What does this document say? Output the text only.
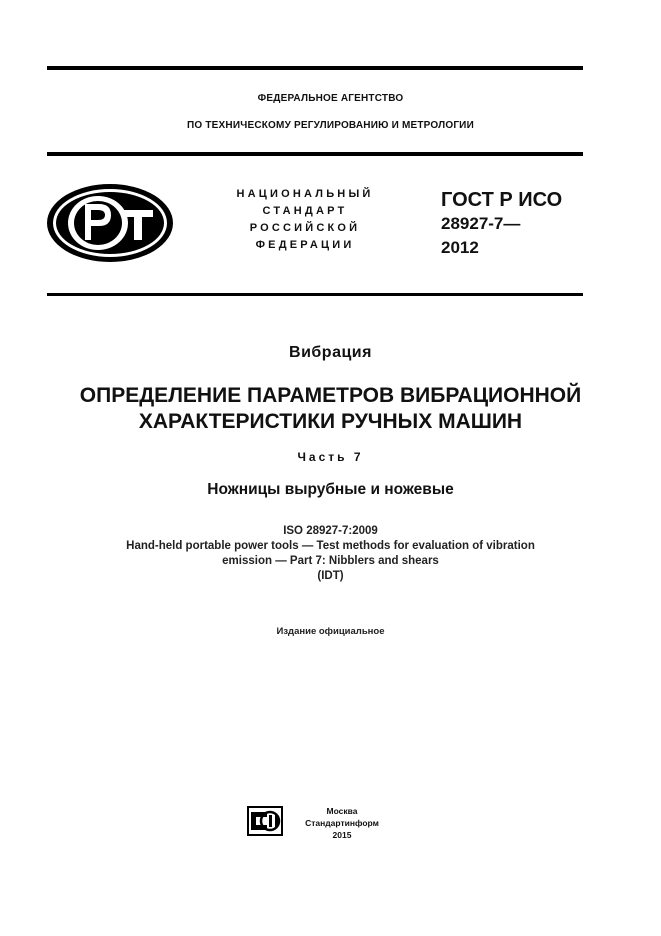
ФЕДЕРАЛЬНОЕ АГЕНТСТВО
ПО ТЕХНИЧЕСКОМУ РЕГУЛИРОВАНИЮ И МЕТРОЛОГИИ
НАЦИОНАЛЬНЫЙ
СТАНДАРТ
РОССИЙСКОЙ
ФЕДЕРАЦИИ
ГОСТ Р ИСО
28927-7—
2012
Вибрация
ОПРЕДЕЛЕНИЕ ПАРАМЕТРОВ ВИБРАЦИОННОЙ
ХАРАКТЕРИСТИКИ РУЧНЫХ МАШИН
Часть 7
Ножницы вырубные и ножевые
ISO 28927-7:2009
Hand-held portable power tools — Test methods for evaluation of vibration
emission — Part 7: Nibblers and shears
(IDT)
Издание официальное
Москва
Стандартинформ
2015
